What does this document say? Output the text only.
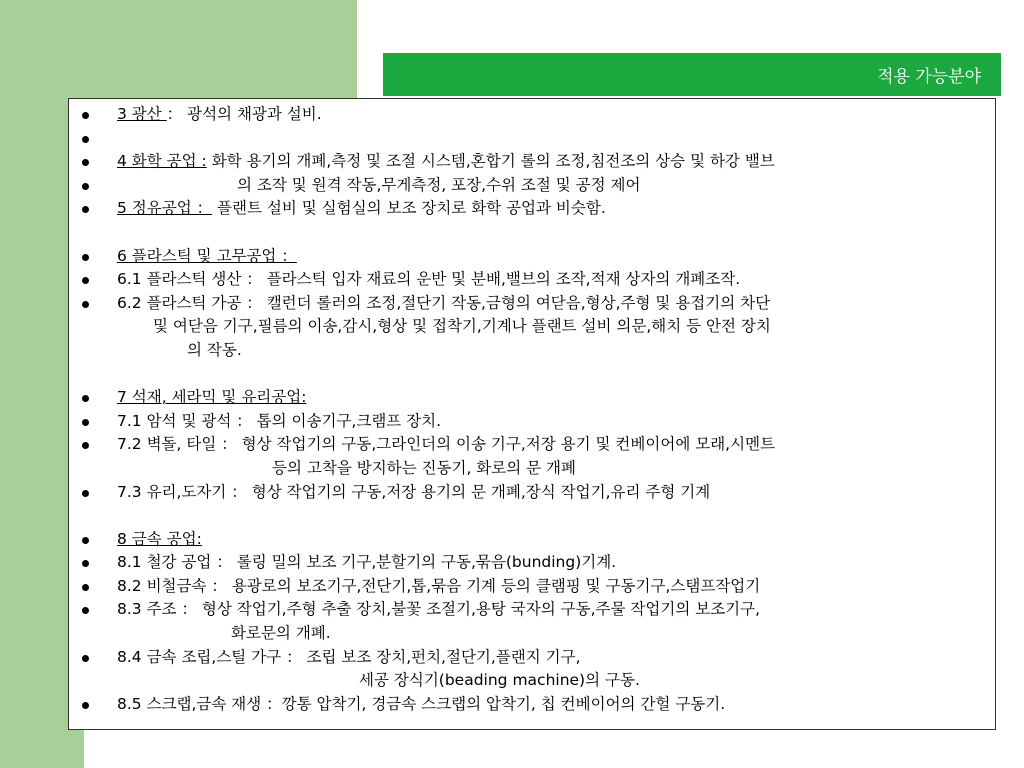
적용 가능분야
3 광산 ： 광석의 채광과 설비.
4 화학 공업 : 화학 용기의 개폐,측정 및 조절 시스템,혼합기 롤의 조정,침전조의 상승 및 하강 밸브
의 조작 및 원격 작동,무게측정, 포장,수위 조절 및 공정 제어
5 정유공업 ： 플랜트 설비 및 실험실의 보조 장치로 화학 공업과 비슷함.
6 플라스틱 및 고무공업 ：
6.1 플라스틱 생산 ： 플라스틱 입자 재료의 운반 및 분배,밸브의 조작,적재 상자의 개폐조작.
6.2 플라스틱 가공 ： 캘런더 롤러의 조정,절단기 작동,금형의 여닫음,형상,주형 및 용접기의 차단
및 여닫음 기구,필름의 이송,감시,형상 및 접착기,기계나 플랜트 설비 의문,해치 등 안전 장치
의 작동.
7 석재, 세라믹 및 유리공업:
7.1 암석 및 광석 ： 톱의 이송기구,크램프 장치.
7.2 벽돌, 타일 ： 형상 작업기의 구동,그라인더의 이송 기구,저장 용기 및 컨베이어에 모래,시멘트
등의 고착을 방지하는 진동기, 화로의 문 개폐
7.3 유리,도자기 ： 형상 작업기의 구동,저장 용기의 문 개폐,장식 작업기,유리 주형 기계
8 금속 공업:
8.1 철강 공업 ： 롤링 밀의 보조 기구,분할기의 구동,묶음(bunding)기계.
8.2 비철금속 ： 용광로의 보조기구,전단기,톱,묶음 기계 등의 클램핑 및 구동기구,스탬프작업기
8.3 주조 ： 형상 작업기,주형 추출 장치,불꽃 조절기,용탕 국자의 구동,주물 작업기의 보조기구,
화로문의 개폐.
8.4 금속 조립,스틸 가구 ： 조립 보조 장치,펀치,절단기,플랜지 기구,
세공 장식기(beading machine)의 구동.
8.5 스크랩,금속 재생 ：깡통 압착기, 경금속 스크랩의 압착기, 칩 컨베이어의 간헐 구동기.
